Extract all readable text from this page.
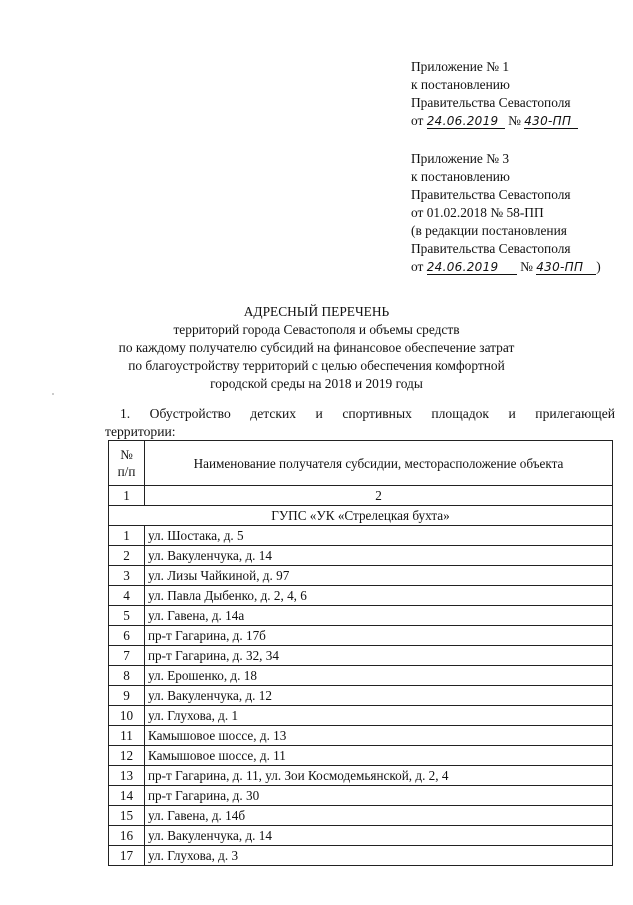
Приложение № 1
к постановлению
Правительства Севастополя
от 24.06.2019 № 430-ПП
Приложение № 3
к постановлению
Правительства Севастополя
от 01.02.2018 № 58-ПП
(в редакции постановления
Правительства Севастополя
от 24.06.2019 № 430-ПП )
АДРЕСНЫЙ ПЕРЕЧЕНЬ
территорий города Севастополя и объемы средств
по каждому получателю субсидий на финансовое обеспечение затрат
по благоустройству территорий с целью обеспечения комфортной
городской среды на 2018 и 2019 годы
1. Обустройство детских и спортивных площадок и прилегающей
территории:
№
п/п	Наименование получателя субсидии, месторасположение объекта
1	2
ГУПС «УК «Стрелецкая бухта»	
1	ул. Шостака, д. 5
2	ул. Вакуленчука, д. 14
3	ул. Лизы Чайкиной, д. 97
4	ул. Павла Дыбенко, д. 2, 4, 6
5	ул. Гавена, д. 14а
6	пр-т Гагарина, д. 17б
7	пр-т Гагарина, д. 32, 34
8	ул. Ерошенко, д. 18
9	ул. Вакуленчука, д. 12
10	ул. Глухова, д. 1
11	Камышовое шоссе, д. 13
12	Камышовое шоссе, д. 11
13	пр-т Гагарина, д. 11, ул. Зои Космодемьянской, д. 2, 4
14	пр-т Гагарина, д. 30
15	ул. Гавена, д. 14б
16	ул. Вакуленчука, д. 14
17	ул. Глухова, д. 3
